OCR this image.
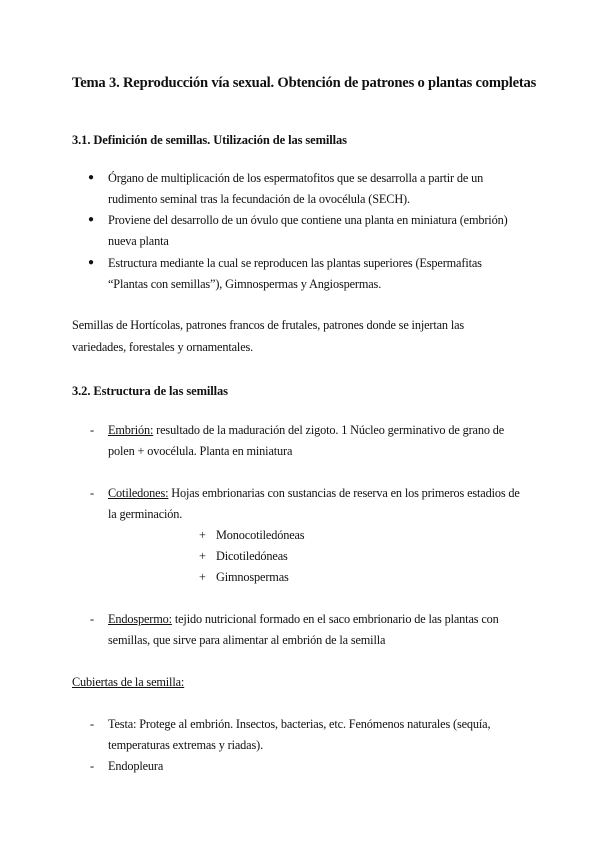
Tema 3. Reproducción vía sexual. Obtención de patrones o plantas completas
3.1. Definición de semillas. Utilización de las semillas
● Órgano de multiplicación de los espermatofitos que se desarrolla a partir de un
rudimento seminal tras la fecundación de la ovocélula (SECH).
● Proviene del desarrollo de un óvulo que contiene una planta en miniatura (embrión)
nueva planta
● Estructura mediante la cual se reproducen las plantas superiores (Espermafitas
“Plantas con semillas”), Gimnospermas y Angiospermas.
Semillas de Hortícolas, patrones francos de frutales, patrones donde se injertan las
variedades, forestales y ornamentales.
3.2. Estructura de las semillas
- Embrión: resultado de la maduración del zigoto. 1 Núcleo germinativo de grano de
polen + ovocélula. Planta en miniatura
- Cotiledones: Hojas embrionarias con sustancias de reserva en los primeros estadios de
la germinación.
+ Monocotiledóneas
+ Dicotiledóneas
+ Gimnospermas
- Endospermo: tejido nutricional formado en el saco embrionario de las plantas con
semillas, que sirve para alimentar al embrión de la semilla
Cubiertas de la semilla:
- Testa: Protege al embrión. Insectos, bacterias, etc. Fenómenos naturales (sequía,
temperaturas extremas y riadas).
- Endopleura
